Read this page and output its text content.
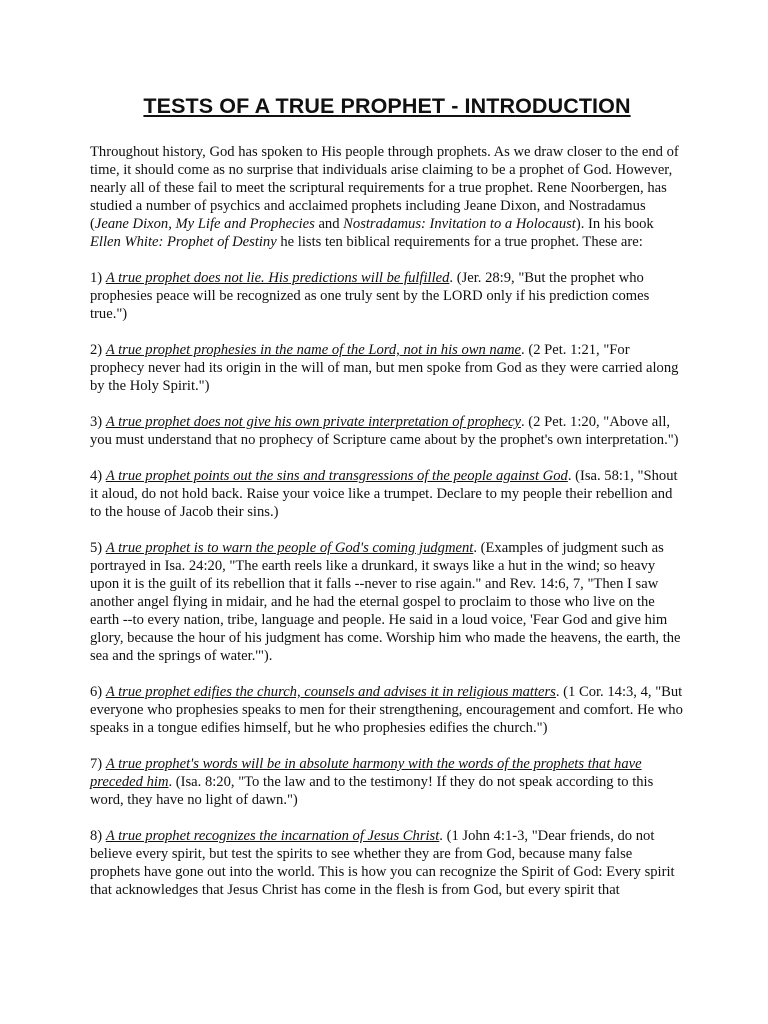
TESTS OF A TRUE PROPHET - INTRODUCTION

Throughout history, God has spoken to His people through prophets. As we draw closer to the end of time, it should come as no surprise that individuals arise claiming to be a prophet of God. However, nearly all of these fail to meet the scriptural requirements for a true prophet. Rene Noorbergen, has studied a number of psychics and acclaimed prophets including Jeane Dixon, and Nostradamus (Jeane Dixon, My Life and Prophecies and Nostradamus: Invitation to a Holocaust). In his book Ellen White: Prophet of Destiny he lists ten biblical requirements for a true prophet. These are:

1) A true prophet does not lie. His predictions will be fulfilled. (Jer. 28:9, "But the prophet who prophesies peace will be recognized as one truly sent by the LORD only if his prediction comes true.")

2) A true prophet prophesies in the name of the Lord, not in his own name. (2 Pet. 1:21, "For prophecy never had its origin in the will of man, but men spoke from God as they were carried along by the Holy Spirit.")

3) A true prophet does not give his own private interpretation of prophecy. (2 Pet. 1:20, "Above all, you must understand that no prophecy of Scripture came about by the prophet's own interpretation.")

4) A true prophet points out the sins and transgressions of the people against God. (Isa. 58:1, "Shout it aloud, do not hold back. Raise your voice like a trumpet. Declare to my people their rebellion and to the house of Jacob their sins.)

5) A true prophet is to warn the people of God's coming judgment. (Examples of judgment such as portrayed in Isa. 24:20, "The earth reels like a drunkard, it sways like a hut in the wind; so heavy upon it is the guilt of its rebellion that it falls --never to rise again." and Rev. 14:6, 7, "Then I saw another angel flying in midair, and he had the eternal gospel to proclaim to those who live on the earth --to every nation, tribe, language and people. He said in a loud voice, 'Fear God and give him glory, because the hour of his judgment has come. Worship him who made the heavens, the earth, the sea and the springs of water.'").

6) A true prophet edifies the church, counsels and advises it in religious matters. (1 Cor. 14:3, 4, "But everyone who prophesies speaks to men for their strengthening, encouragement and comfort. He who speaks in a tongue edifies himself, but he who prophesies edifies the church.")

7) A true prophet's words will be in absolute harmony with the words of the prophets that have preceded him. (Isa. 8:20, "To the law and to the testimony! If they do not speak according to this word, they have no light of dawn.")

8) A true prophet recognizes the incarnation of Jesus Christ. (1 John 4:1-3, "Dear friends, do not believe every spirit, but test the spirits to see whether they are from God, because many false prophets have gone out into the world. This is how you can recognize the Spirit of God: Every spirit that acknowledges that Jesus Christ has come in the flesh is from God, but every spirit that
